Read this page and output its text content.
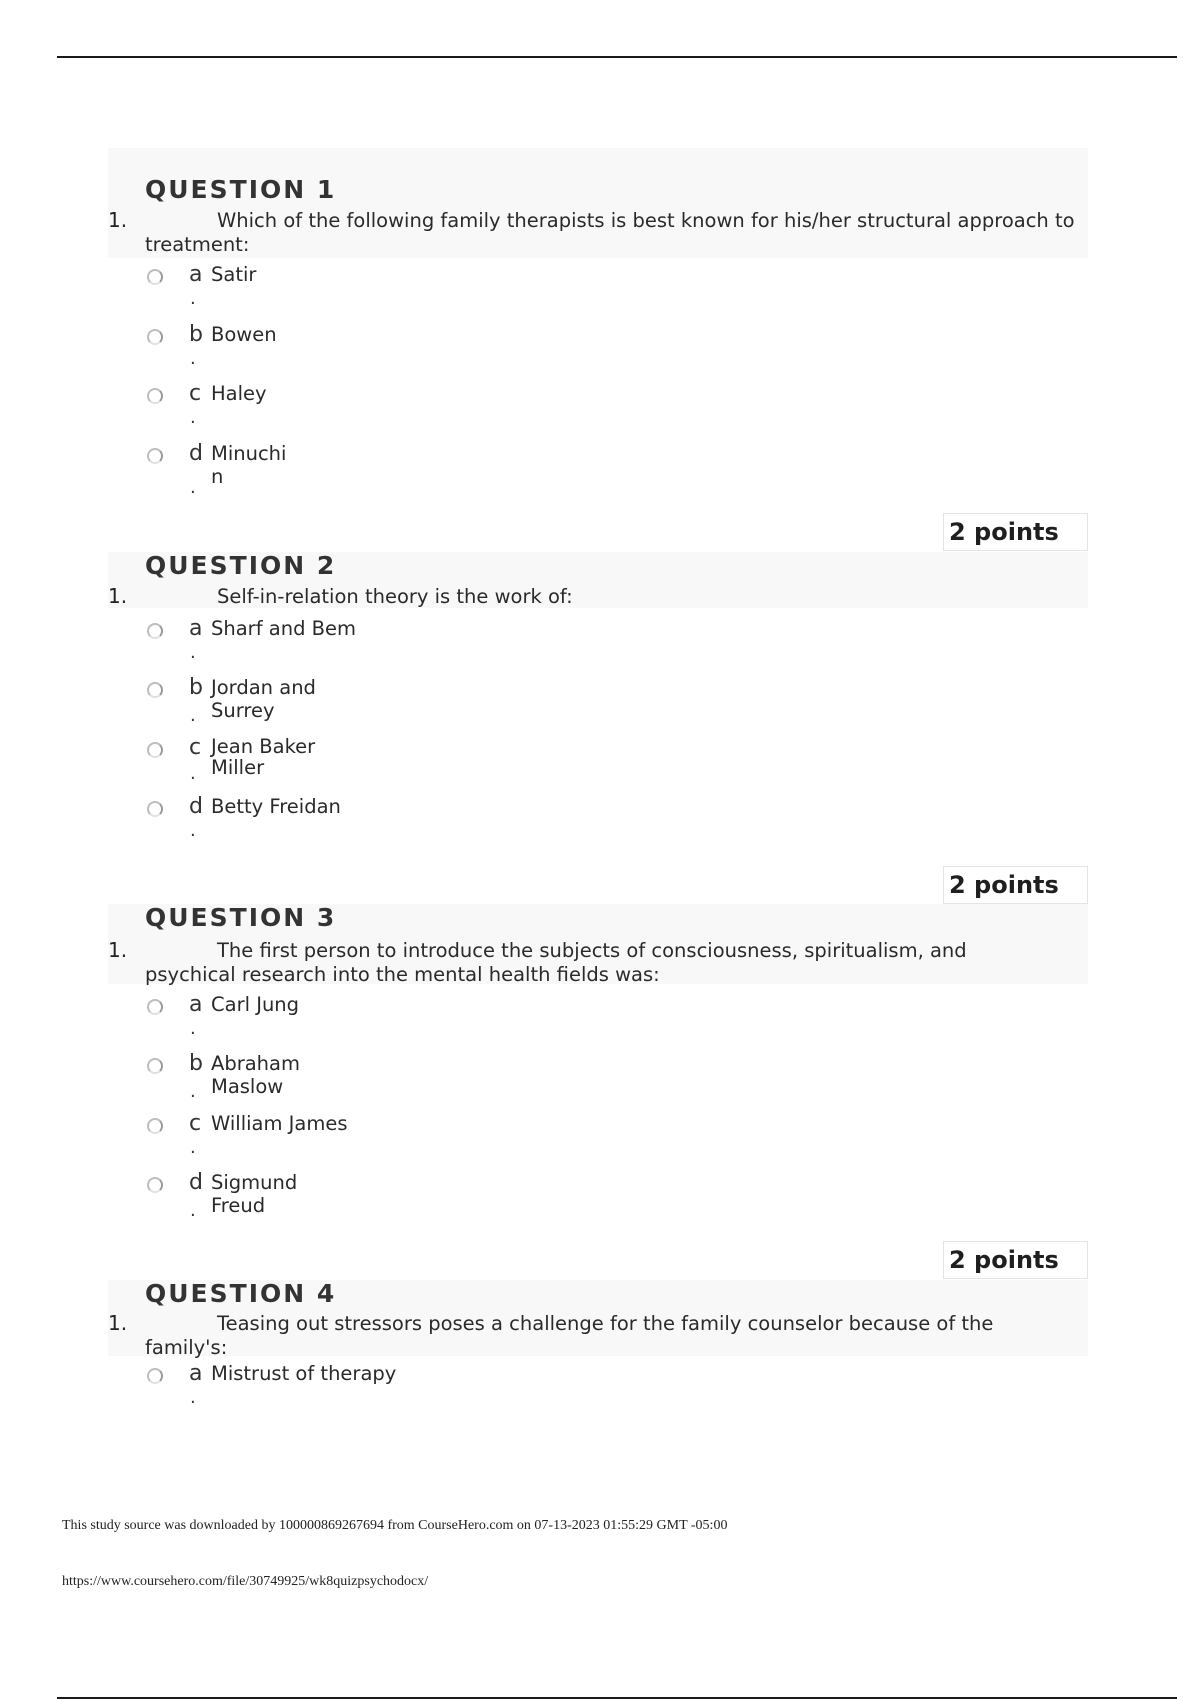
QUESTION 1
1.	Which of the following family therapists is best known for his/her structural approach to treatment:
a
.
Satir
b
.
Bowen
c
.
Haley
d
.
Minuchi n
2 points
QUESTION 2
1.	Self-in-relation theory is the work of:
a
.
Sharf and Bem
b
.
Jordan and Surrey
c
.
Jean Baker Miller
d
.
Betty Freidan
2 points
QUESTION 3
1.	The first person to introduce the subjects of consciousness, spiritualism, and psychical research into the mental health fields was:
a
.
Carl Jung
b
.
Abraham Maslow
c
.
William James
d
.
Sigmund Freud
2 points
QUESTION 4
1.	Teasing out stressors poses a challenge for the family counselor because of the family's:
a
.
Mistrust of therapy
This study source was downloaded by 100000869267694 from CourseHero.com on 07-13-2023 01:55:29 GMT -05:00
https://www.coursehero.com/file/30749925/wk8quizpsychodocx/
